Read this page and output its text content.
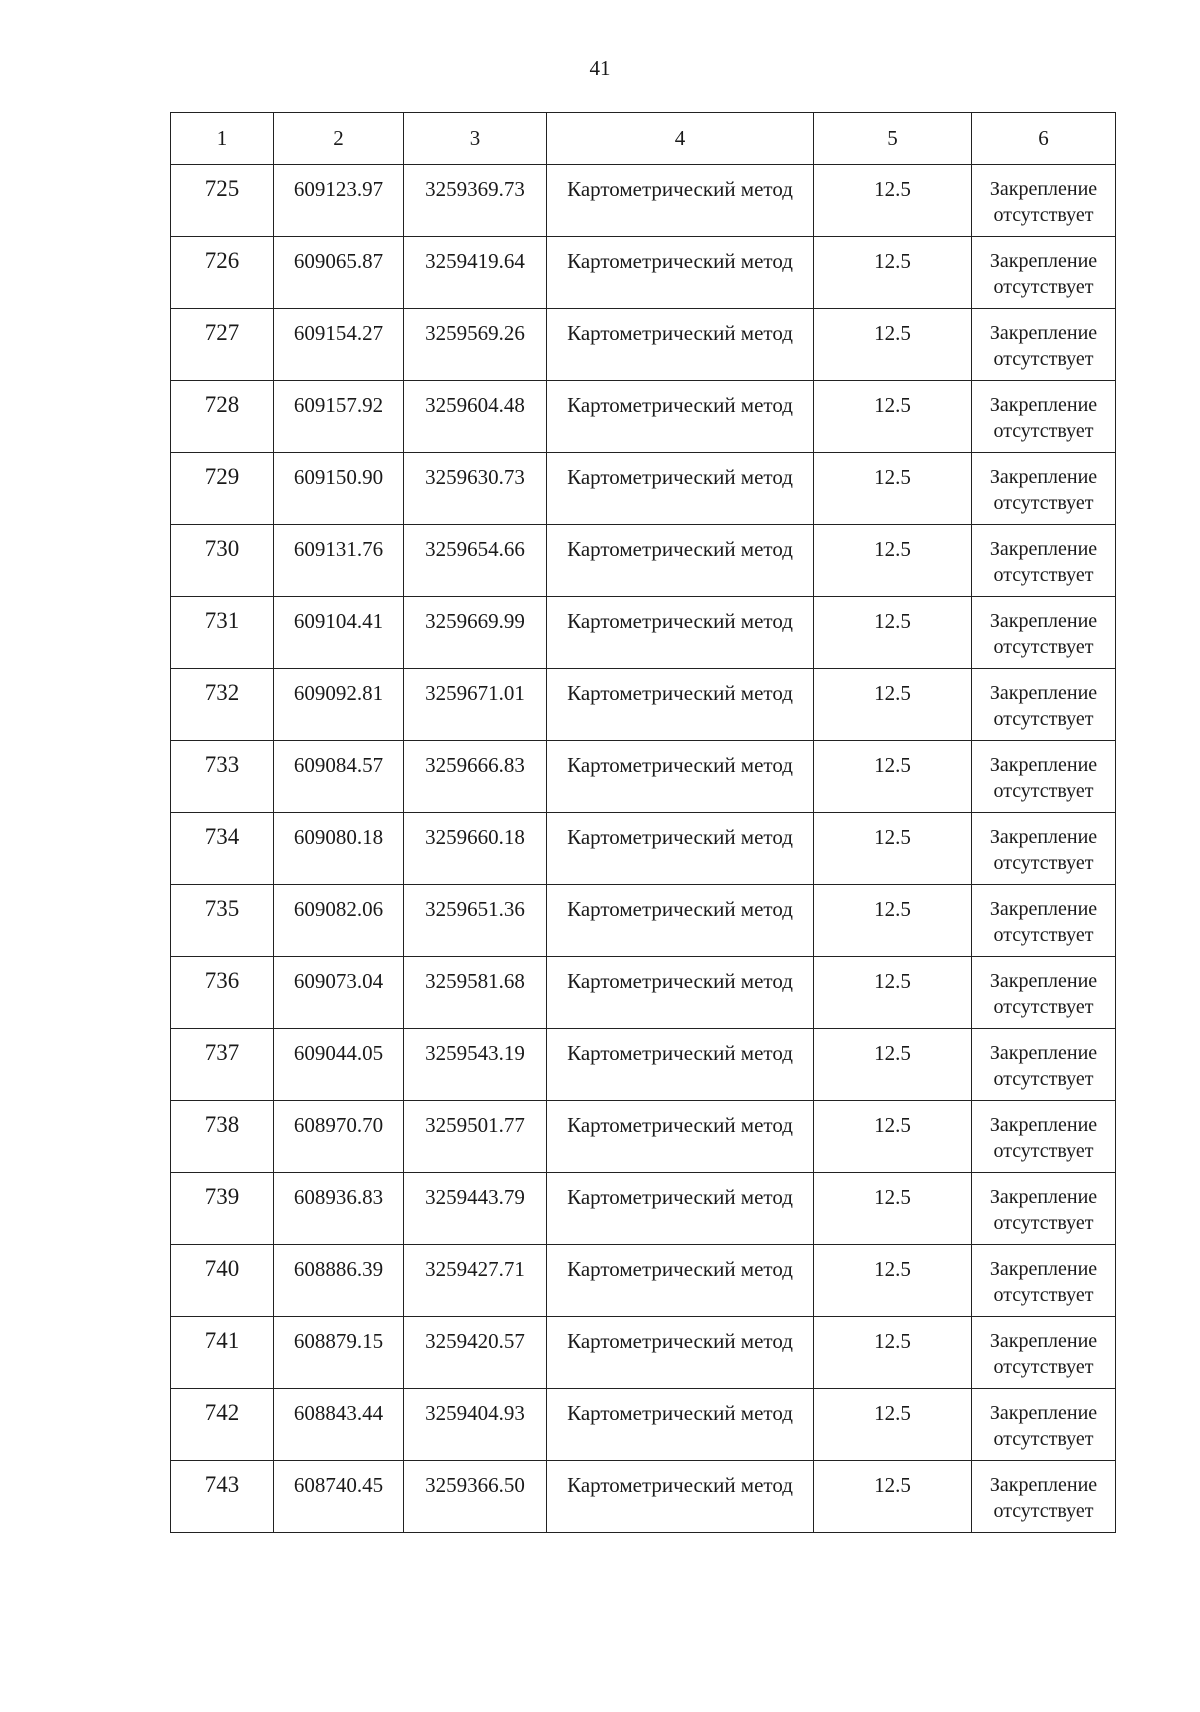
41
1	2	3	4	5	6
725	609123.97	3259369.73	Картометрический метод	12.5	Закрепление
отсутствует

726	609065.87	3259419.64	Картометрический метод	12.5	Закрепление
отсутствует

727	609154.27	3259569.26	Картометрический метод	12.5	Закрепление
отсутствует

728	609157.92	3259604.48	Картометрический метод	12.5	Закрепление
отсутствует

729	609150.90	3259630.73	Картометрический метод	12.5	Закрепление
отсутствует

730	609131.76	3259654.66	Картометрический метод	12.5	Закрепление
отсутствует

731	609104.41	3259669.99	Картометрический метод	12.5	Закрепление
отсутствует

732	609092.81	3259671.01	Картометрический метод	12.5	Закрепление
отсутствует

733	609084.57	3259666.83	Картометрический метод	12.5	Закрепление
отсутствует

734	609080.18	3259660.18	Картометрический метод	12.5	Закрепление
отсутствует

735	609082.06	3259651.36	Картометрический метод	12.5	Закрепление
отсутствует

736	609073.04	3259581.68	Картометрический метод	12.5	Закрепление
отсутствует

737	609044.05	3259543.19	Картометрический метод	12.5	Закрепление
отсутствует

738	608970.70	3259501.77	Картометрический метод	12.5	Закрепление
отсутствует

739	608936.83	3259443.79	Картометрический метод	12.5	Закрепление
отсутствует

740	608886.39	3259427.71	Картометрический метод	12.5	Закрепление
отсутствует

741	608879.15	3259420.57	Картометрический метод	12.5	Закрепление
отсутствует

742	608843.44	3259404.93	Картометрический метод	12.5	Закрепление
отсутствует

743	608740.45	3259366.50	Картометрический метод	12.5	Закрепление
отсутствует
